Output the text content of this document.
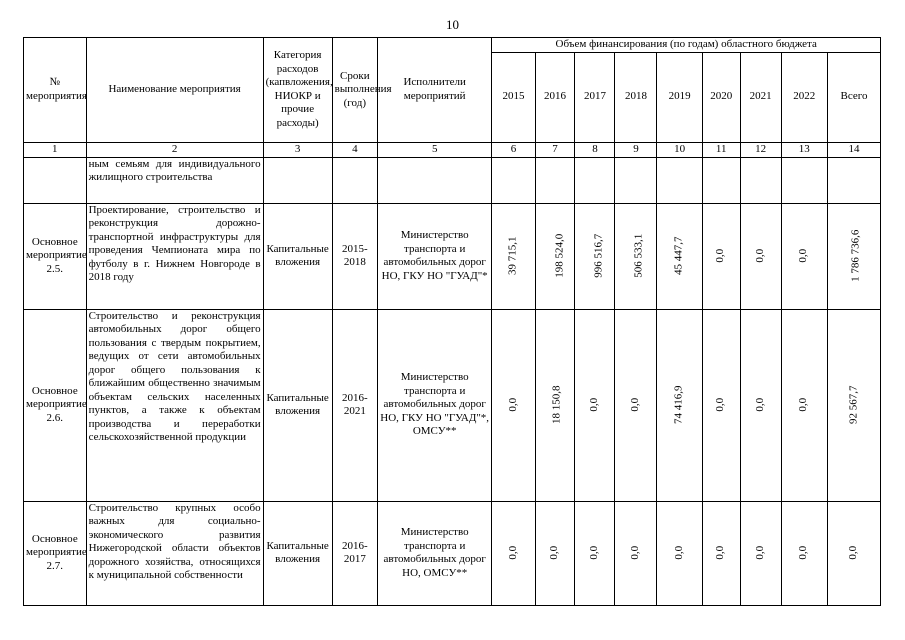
10
№ мероприятия	Наименование мероприятия	Категория расходов (капвложения, НИОКР и прочие расходы)	Сроки выполнения (год)	Исполнители мероприятий	Объем финансирования (по годам) областного бюджета								
					2015	2016	2017	2018	2019	2020	2021	2022	Всего
1	2	3	4	5	6	7	8	9	10	11	12	13	14
	ным семьям для индивидуального жилищного строительства												
Основное мероприятие 2.5.	Проектирование, строительство и реконструкция дорожно-транспортной инфраструктуры для проведения Чемпионата мира по футболу в г. Нижнем Новгороде в 2018 году	Капитальные вложения	2015-2018	Министерство транспорта и автомобильных дорог НО, ГКУ НО "ГУАД"*	39 715,1	198 524,0	996 516,7	506 533,1	45 447,7	0,0	0,0	0,0	1 786 736,6
Основное мероприятие 2.6.	Строительство и реконструкция автомобильных дорог общего пользования с твердым покрытием, ведущих от сети автомобильных дорог общего пользования к ближайшим общественно значимым объектам сельских населенных пунктов, а также к объектам производства и переработки сельскохозяйственной продукции	Капитальные вложения	2016-2021	Министерство транспорта и автомобильных дорог НО, ГКУ НО "ГУАД"*, ОМСУ**	0,0	18 150,8	0,0	0,0	74 416,9	0,0	0,0	0,0	92 567,7
Основное мероприятие 2.7.	Строительство крупных особо важных для социально-экономического развития Нижегородской области объектов дорожного хозяйства, относящихся к муниципальной собственности	Капитальные вложения	2016-2017	Министерство транспорта и автомобильных дорог НО, ОМСУ**	0,0	0,0	0,0	0,0	0,0	0,0	0,0	0,0	0,0
